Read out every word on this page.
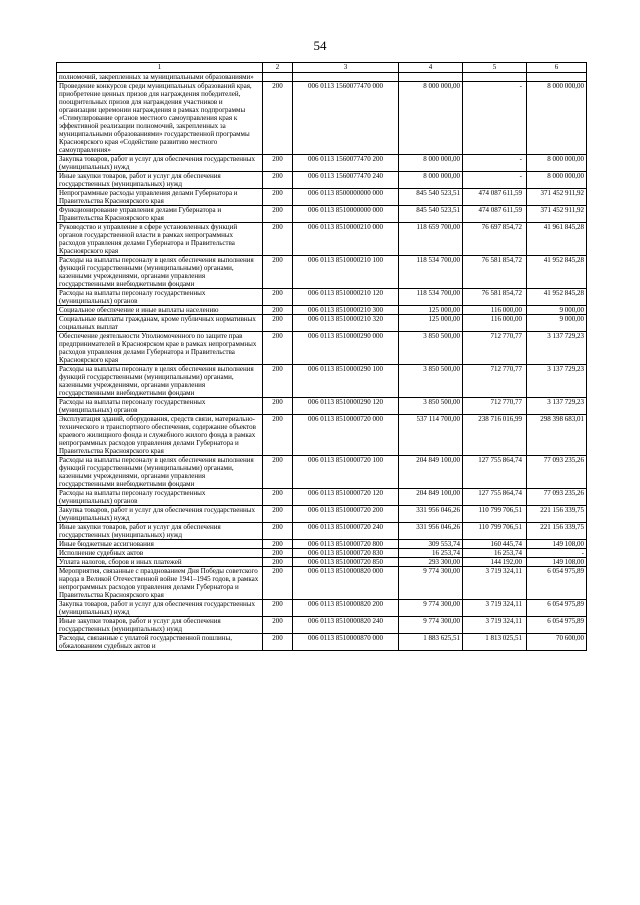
54
1	2	3	4	5	6
полномочий, закрепленных за муниципальными образованиями»					
Проведение конкурсов среди муниципальных образований края, приобретение ценных призов для награждения победителей, поощрительных призов для награждения участников и организации церемонии награждения в рамках подпрограммы «Стимулирование органов местного самоуправления края к эффективной реализации полномочий, закрепленных за муниципальными образованиями» государственной программы Красноярского края «Содействие развитию местного самоуправления»	200	006 0113 1560077470 000	8 000 000,00	-	8 000 000,00
Закупка товаров, работ и услуг для обеспечения государственных (муниципальных) нужд	200	006 0113 1560077470 200	8 000 000,00	-	8 000 000,00
Иные закупки товаров, работ и услуг для обеспечения государственных (муниципальных) нужд	200	006 0113 1560077470 240	8 000 000,00	-	8 000 000,00
Непрограммные расходы управления делами Губернатора и Правительства Красноярского края	200	006 0113 8500000000 000	845 540 523,51	474 087 611,59	371 452 911,92
Функционирование управления делами Губернатора и Правительства Красноярского края	200	006 0113 8510000000 000	845 540 523,51	474 087 611,59	371 452 911,92
Руководство и управление в сфере установленных функций органов государственной власти в рамках непрограммных расходов управления делами Губернатора и Правительства Красноярского края	200	006 0113 8510000210 000	118 659 700,00	76 697 854,72	41 961 845,28
Расходы на выплаты персоналу в целях обеспечения выполнения функций государственными (муниципальными) органами, казенными учреждениями, органами управления государственными внебюджетными фондами	200	006 0113 8510000210 100	118 534 700,00	76 581 854,72	41 952 845,28
Расходы на выплаты персоналу государственных (муниципальных) органов	200	006 0113 8510000210 120	118 534 700,00	76 581 854,72	41 952 845,28
Социальное обеспечение и иные выплаты населению	200	006 0113 8510000210 300	125 000,00	116 000,00	9 000,00
Социальные выплаты гражданам, кроме публичных нормативных социальных выплат	200	006 0113 8510000210 320	125 000,00	116 000,00	9 000,00
Обеспечение деятельности Уполномоченного по защите прав предпринимателей в Красноярском крае в рамках непрограммных расходов управления делами Губернатора и Правительства Красноярского края	200	006 0113 8510000290 000	3 850 500,00	712 770,77	3 137 729,23
Расходы на выплаты персоналу в целях обеспечения выполнения функций государственными (муниципальными) органами, казенными учреждениями, органами управления государственными внебюджетными фондами	200	006 0113 8510000290 100	3 850 500,00	712 770,77	3 137 729,23
Расходы на выплаты персоналу государственных (муниципальных) органов	200	006 0113 8510000290 120	3 850 500,00	712 770,77	3 137 729,23
Эксплуатация зданий, оборудования, средств связи, материально-технического и транспортного обеспечения, содержание объектов краевого жилищного фонда и служебного жилого фонда в рамках непрограммных расходов управления делами Губернатора и Правительства Красноярского края	200	006 0113 8510000720 000	537 114 700,00	238 716 016,99	298 398 683,01
Расходы на выплаты персоналу в целях обеспечения выполнения функций государственными (муниципальными) органами, казенными учреждениями, органами управления государственными внебюджетными фондами	200	006 0113 8510000720 100	204 849 100,00	127 755 864,74	77 093 235,26
Расходы на выплаты персоналу государственных (муниципальных) органов	200	006 0113 8510000720 120	204 849 100,00	127 755 864,74	77 093 235,26
Закупка товаров, работ и услуг для обеспечения государственных (муниципальных) нужд	200	006 0113 8510000720 200	331 956 046,26	110 799 706,51	221 156 339,75
Иные закупки товаров, работ и услуг для обеспечения государственных (муниципальных) нужд	200	006 0113 8510000720 240	331 956 046,26	110 799 706,51	221 156 339,75
Иные бюджетные ассигнования	200	006 0113 8510000720 800	309 553,74	160 445,74	149 108,00
Исполнение судебных актов	200	006 0113 8510000720 830	16 253,74	16 253,74	-
Уплата налогов, сборов и иных платежей	200	006 0113 8510000720 850	293 300,00	144 192,00	149 108,00
Мероприятия, связанные с празднованием Дня Победы советского народа в Великой Отечественной войне 1941–1945 годов, в рамках непрограммных расходов управления делами Губернатора и Правительства Красноярского края	200	006 0113 8510000820 000	9 774 300,00	3 719 324,11	6 054 975,89
Закупка товаров, работ и услуг для обеспечения государственных (муниципальных) нужд	200	006 0113 8510000820 200	9 774 300,00	3 719 324,11	6 054 975,89
Иные закупки товаров, работ и услуг для обеспечения государственных (муниципальных) нужд	200	006 0113 8510000820 240	9 774 300,00	3 719 324,11	6 054 975,89
Расходы, связанные с уплатой государственной пошлины, обжалованием судебных актов и	200	006 0113 8510000870 000	1 883 625,51	1 813 025,51	70 600,00
